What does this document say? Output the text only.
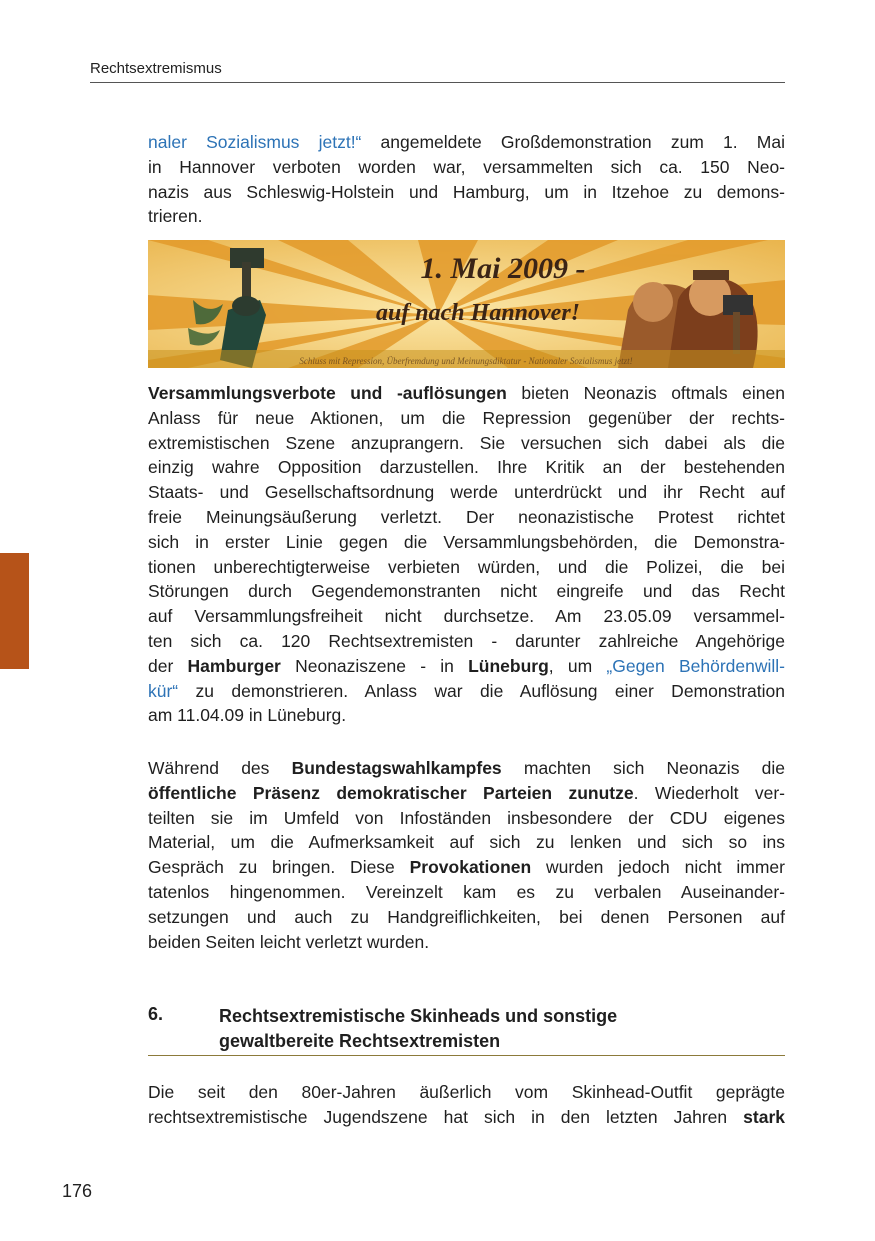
Rechtsextremismus

naler Sozialismus jetzt!“ angemeldete Großdemonstration zum 1. Mai
in Hannover verboten worden war, versammelten sich ca. 150 Neo-
nazis aus Schleswig-Holstein und Hamburg, um in Itzehoe zu demons-
trieren.

1. Mai 2009 -
auf nach Hannover!
Schluss mit Repression, Überfremdung und Meinungsdiktatur - Nationaler Sozialismus jetzt!

Versammlungsverbote und -auflösungen bieten Neonazis oftmals einen
Anlass für neue Aktionen, um die Repression gegenüber der rechts-
extremistischen Szene anzuprangern. Sie versuchen sich dabei als die
einzig wahre Opposition darzustellen. Ihre Kritik an der bestehenden
Staats- und Gesellschaftsordnung werde unterdrückt und ihr Recht auf
freie Meinungsäußerung verletzt. Der neonazistische Protest richtet
sich in erster Linie gegen die Versammlungsbehörden, die Demonstra-
tionen unberechtigterweise verbieten würden, und die Polizei, die bei
Störungen durch Gegendemonstranten nicht eingreife und das Recht
auf Versammlungsfreiheit nicht durchsetze. Am 23.05.09 versammel-
ten sich ca. 120 Rechtsextremisten - darunter zahlreiche Angehörige
der Hamburger Neonaziszene - in Lüneburg, um „Gegen Behördenwill-
kür“ zu demonstrieren. Anlass war die Auflösung einer Demonstration
am 11.04.09 in Lüneburg.

Während des Bundestagswahlkampfes machten sich Neonazis die
öffentliche Präsenz demokratischer Parteien zunutze. Wiederholt ver-
teilten sie im Umfeld von Infoständen insbesondere der CDU eigenes
Material, um die Aufmerksamkeit auf sich zu lenken und sich so ins
Gespräch zu bringen. Diese Provokationen wurden jedoch nicht immer
tatenlos hingenommen. Vereinzelt kam es zu verbalen Auseinander-
setzungen und auch zu Handgreiflichkeiten, bei denen Personen auf
beiden Seiten leicht verletzt wurden.

6.	Rechtsextremistische Skinheads und sonstige
gewaltbereite Rechtsextremisten

Die seit den 80er-Jahren äußerlich vom Skinhead-Outfit geprägte
rechtsextremistische Jugendszene hat sich in den letzten Jahren stark

176
